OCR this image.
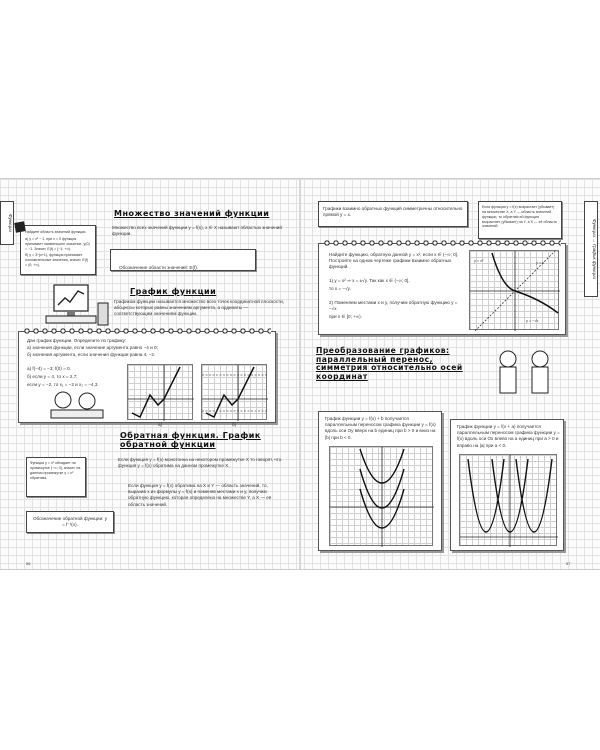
Функции	Найдите область значений функции.
а) y = x² − 1, при x = 0 функция принимает наименьшее значение, y(0) = −1. Значит, E(f) = [−1; +∞).
б) y = 3^(x+1), функция принимает положительные значения, значит, E(f) = (0; +∞).
Множество значений функции
Множество всех значений функции y = f(x), x ∈ X называют областью значений функции.
Обозначение области значений: E(f).
График функции
Графиком функции называется множество всех точек координатной плоскости, абсциссы которых равны значениям аргумента, а ординаты — соответствующим значениям функции.
Дан график функции. Определите по графику:
а) значения функции, если значение аргумента равно −4 и 0;
б) значения аргумента, если значения функции равна 4, −2.
а) f(−4) = −3; f(0) = 0.
б) если y = 4, то x = 2,7;
если y = −2, то x₁ = −2 и x₂ = −4,3.
а)	б)
Обратная функция. График обратной функции
Функция y = x² обладает на промежутке (−∞; 0], значит, на данном промежутке y = x² обратима.
Если функция y = f(x) монотонна на некотором промежутке X то говорят, что функция y = f(x) обратима на данном промежутке X.
Если функция y = f(x) обратима на X и Y — область значений, то, выразив x из формулы y = f(x) и поменяв местами x и y, получим обратную функцию, которая определена на множестве Y, а X — её область значений.
Обозначение обратной функции: y = f⁻¹(x).
56
Функции → График функции
Графики взаимно обратных функций симметричны относительно прямой y = x.
Если функция y = f(x) возрастает (убывает) на множестве X, а Y — область значений функции, то обратная ей функция возрастает (убывает) на Y, а X — её область значений.
Найдите функцию, обратную данной y = x², если x ∈ (−∞; 0]. Постройте на одном чертеже графики взаимно обратных функций.
1) y = x² ⇒ x = ±√y. Так как x ∈ (−∞; 0],
то x = −√y.
2) Поменяем местами x и y, получим обратную функцию y = −√x
при x ∈ [0; +∞).
y = x²	y = x
y = −√x
Преобразование графиков: параллельный перенос, симметрия относительно осей координат
График функции y = f(x) + b получается параллельным переносом графика функции y = f(x) вдоль оси Oy вверх на b единиц при b > 0 и вниз на |b| при b < 0.
График функции y = f(x + a) получается параллельным переносом графика функции y = f(x) вдоль оси Ox влево на a единиц при a > 0 и вправо на |a| при a < 0.
57
